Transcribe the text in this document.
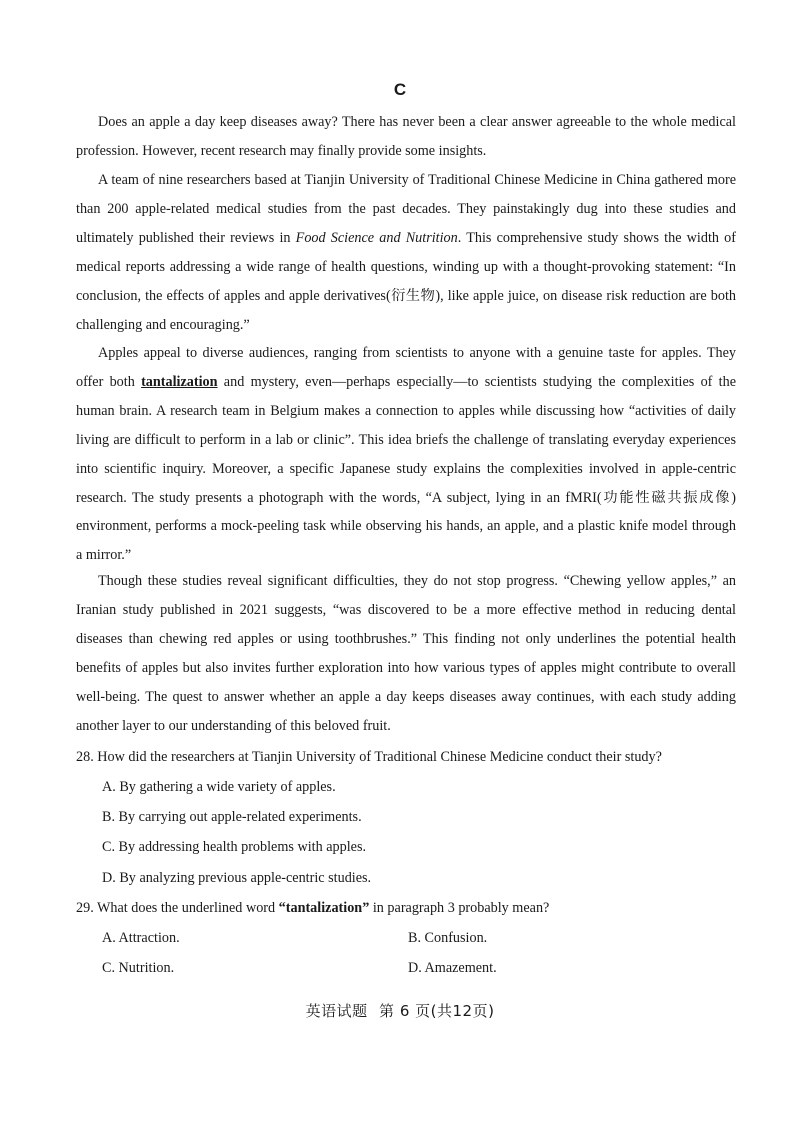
C

Does an apple a day keep diseases away? There has never been a clear answer agreeable to the whole medical profession. However, recent research may finally provide some insights.

A team of nine researchers based at Tianjin University of Traditional Chinese Medicine in China gathered more than 200 apple-related medical studies from the past decades. They painstakingly dug into these studies and ultimately published their reviews in Food Science and Nutrition. This comprehensive study shows the width of medical reports addressing a wide range of health questions, winding up with a thought-provoking statement: “In conclusion, the effects of apples and apple derivatives(衍生物), like apple juice, on disease risk reduction are both challenging and encouraging.”

Apples appeal to diverse audiences, ranging from scientists to anyone with a genuine taste for apples. They offer both tantalization and mystery, even—perhaps especially—to scientists studying the complexities of the human brain. A research team in Belgium makes a connection to apples while discussing how “activities of daily living are difficult to perform in a lab or clinic”. This idea briefs the challenge of translating everyday experiences into scientific inquiry. Moreover, a specific Japanese study explains the complexities involved in apple-centric research. The study presents a photograph with the words, “A subject, lying in an fMRI(功能性磁共振成像) environment, performs a mock-peeling task while observing his hands, an apple, and a plastic knife model through a mirror.”

Though these studies reveal significant difficulties, they do not stop progress. “Chewing yellow apples,” an Iranian study published in 2021 suggests, “was discovered to be a more effective method in reducing dental diseases than chewing red apples or using toothbrushes.” This finding not only underlines the potential health benefits of apples but also invites further exploration into how various types of apples might contribute to overall well-being. The quest to answer whether an apple a day keeps diseases away continues, with each study adding another layer to our understanding of this beloved fruit.

28. How did the researchers at Tianjin University of Traditional Chinese Medicine conduct their study?
A. By gathering a wide variety of apples.
B. By carrying out apple-related experiments.
C. By addressing health problems with apples.
D. By analyzing previous apple-centric studies.
29. What does the underlined word “tantalization” in paragraph 3 probably mean?
A. Attraction.	B. Confusion.
C. Nutrition.	D. Amazement.
英语试题 第 6 页(共12页)
